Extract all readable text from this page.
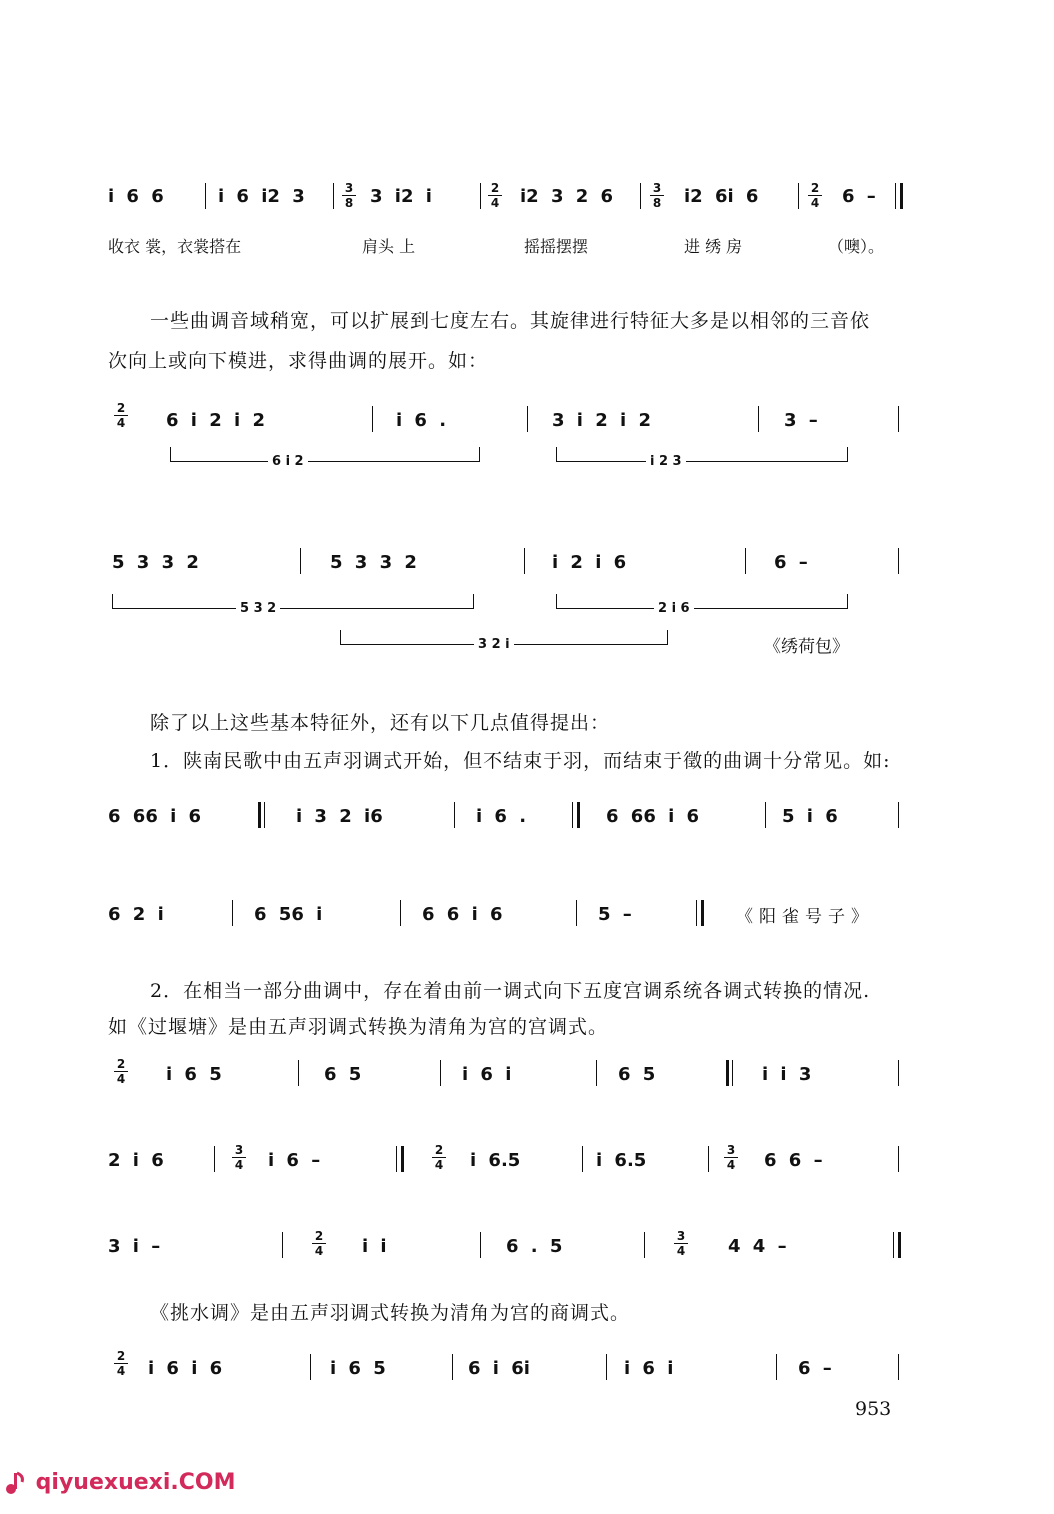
i 6 6	i 6 i2 3	3
8 3 i2 i	2
4 i2 3 2 6	3
8 i2 6i 6	2
4 6 –
收衣 裳，衣裳搭在	肩头 上	摇摇摆摆	进 绣 房	（噢）。
一些曲调音域稍宽，可以扩展到七度左右。其旋律进行特征大多是以相邻的三音依
次向上或向下模进，求得曲调的展开。如：
2
4 6 i 2 i 2	i 6 .	3 i 2 i 2	3 –
6 i 2	i 2 3
5 3 3 2	5 3 3 2	i 2 i 6	6 –
5 3 2	2 i 6
3 2 i	《绣荷包》
除了以上这些基本特征外，还有以下几点值得提出：
1．陕南民歌中由五声羽调式开始，但不结束于羽，而结束于徵的曲调十分常见。如:
6 66 i 6	i 3 2 i6	i 6 .	6 66 i 6	5 i 6
6 2 i	6 56 i	6 6 i 6	5 –	《阳雀号子》
2．在相当一部分曲调中，存在着由前一调式向下五度宫调系统各调式转换的情况.
如《过堰塘》是由五声羽调式转换为清角为宫的宫调式。
2
4 i 6 5	6 5	i 6 i	6 5	i i 3
2 i 6	3
4 i 6 –	2
4 i 6.5	i 6.5	3
4 6 6 –
3 i –	2
4 i i	6 . 5	3
4 4 4 –
《挑水调》是由五声羽调式转换为清角为宫的商调式。
2
4 i 6 i 6	i 6 5	6 i 6i	i 6 i	6 –
953
qiyuexuexi.COM
